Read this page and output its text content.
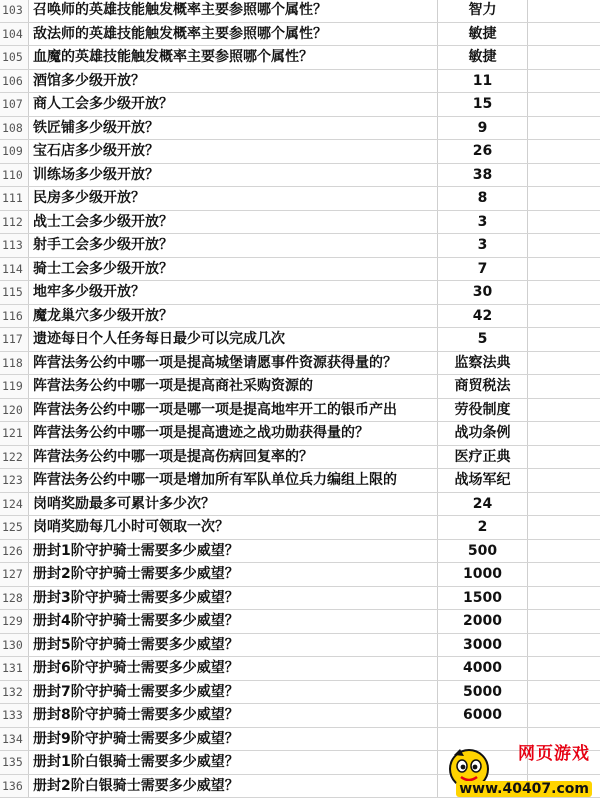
103 召唤师的英雄技能触发概率主要参照哪个属性？	智力
104 敌法师的英雄技能触发概率主要参照哪个属性？	敏捷
105 血魔的英雄技能触发概率主要参照哪个属性？	敏捷
106 酒馆多少级开放？	11
107 商人工会多少级开放？	15
108 铁匠铺多少级开放？	9
109 宝石店多少级开放？	26
110 训练场多少级开放？	38
111 民房多少级开放？	8
112 战士工会多少级开放？	3
113 射手工会多少级开放？	3
114 骑士工会多少级开放？	7
115 地牢多少级开放？	30
116 魔龙巢穴多少级开放？	42
117 遗迹每日个人任务每日最少可以完成几次	5
118 阵营法务公约中哪一项是提高城堡请愿事件资源获得量的？	监察法典
119 阵营法务公约中哪一项是提高商社采购资源的	商贸税法
120 阵营法务公约中哪一项是哪一项是提高地牢开工的银币产出	劳役制度
121 阵营法务公约中哪一项是提高遗迹之战功勋获得量的？	战功条例
122 阵营法务公约中哪一项是提高伤病回复率的？	医疗正典
123 阵营法务公约中哪一项是增加所有军队单位兵力编组上限的	战场军纪
124 岗哨奖励最多可累计多少次？	24
125 岗哨奖励每几小时可领取一次？	2
126 册封1阶守护骑士需要多少威望？	500
127 册封2阶守护骑士需要多少威望？	1000
128 册封3阶守护骑士需要多少威望？	1500
129 册封4阶守护骑士需要多少威望？	2000
130 册封5阶守护骑士需要多少威望？	3000
131 册封6阶守护骑士需要多少威望？	4000
132 册封7阶守护骑士需要多少威望？	5000
133 册封8阶守护骑士需要多少威望？	6000
134 册封9阶守护骑士需要多少威望？
135 册封1阶白银骑士需要多少威望？
136 册封2阶白银骑士需要多少威望？
网页游戏
www.40407.com
